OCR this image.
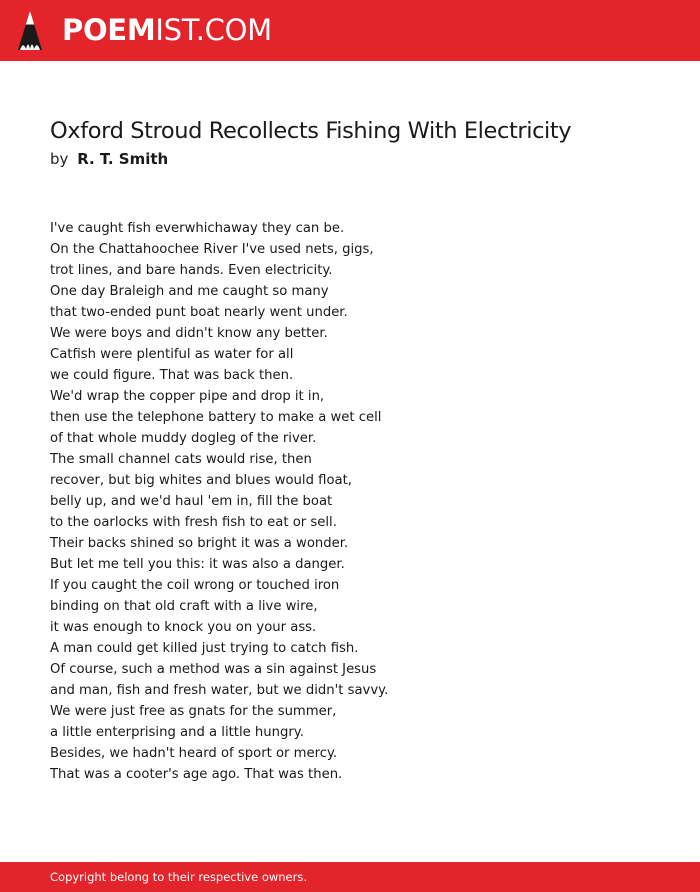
POEMIST.COM
Oxford Stroud Recollects Fishing With Electricity
by R. T. Smith
I've caught fish everwhichaway they can be.
On the Chattahoochee River I've used nets, gigs,
trot lines, and bare hands. Even electricity.
One day Braleigh and me caught so many
that two-ended punt boat nearly went under.
We were boys and didn't know any better.
Catfish were plentiful as water for all
we could figure. That was back then.
We'd wrap the copper pipe and drop it in,
then use the telephone battery to make a wet cell
of that whole muddy dogleg of the river.
The small channel cats would rise, then
recover, but big whites and blues would float,
belly up, and we'd haul 'em in, fill the boat
to the oarlocks with fresh fish to eat or sell.
Their backs shined so bright it was a wonder.
But let me tell you this: it was also a danger.
If you caught the coil wrong or touched iron
binding on that old craft with a live wire,
it was enough to knock you on your ass.
A man could get killed just trying to catch fish.
Of course, such a method was a sin against Jesus
and man, fish and fresh water, but we didn't savvy.
We were just free as gnats for the summer,
a little enterprising and a little hungry.
Besides, we hadn't heard of sport or mercy.
That was a cooter's age ago. That was then.
Copyright belong to their respective owners.
